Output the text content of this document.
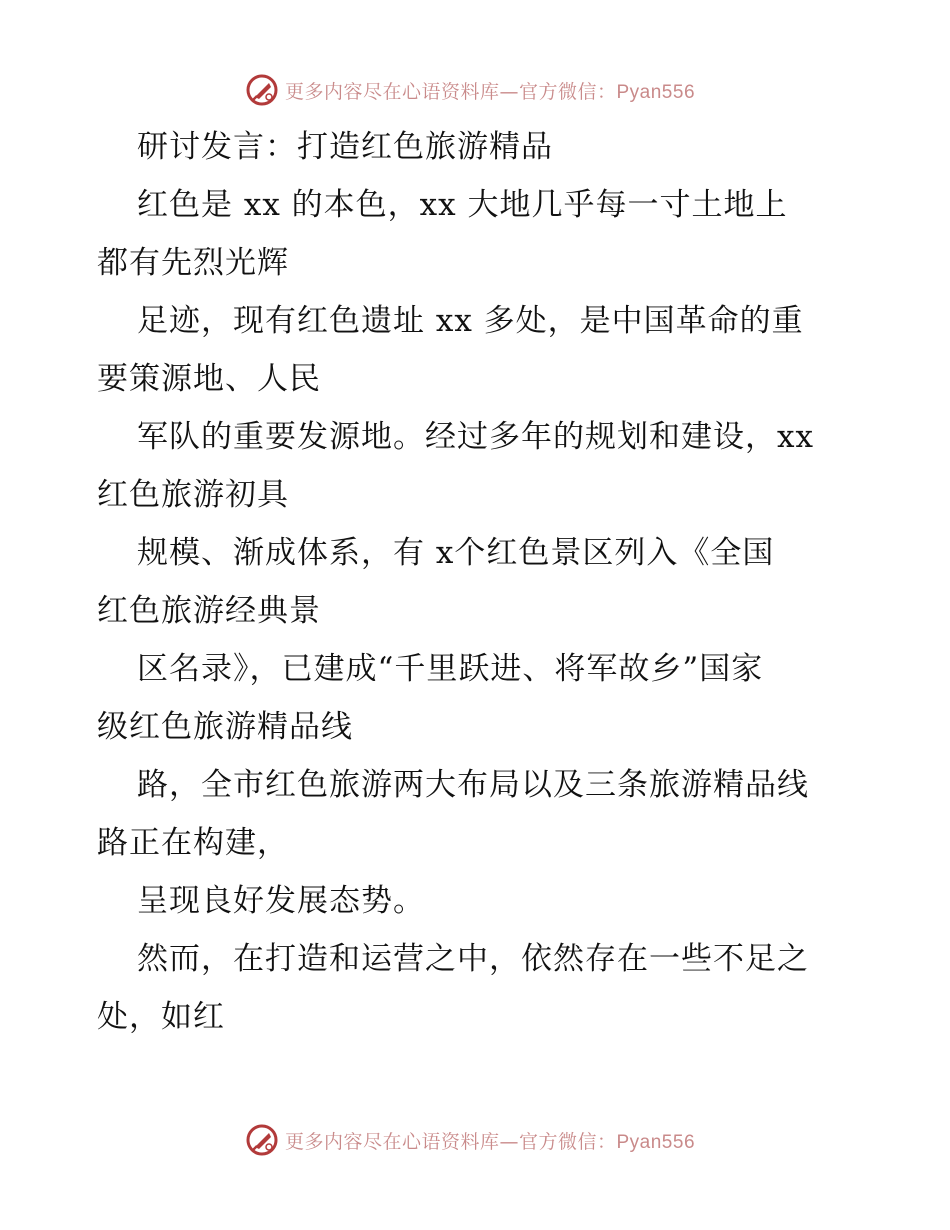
更多内容尽在心语资料库—官方微信：Pyan556
研讨发言：打造红色旅游精品
红色是 xx 的本色，xx 大地几乎每一寸土地上
都有先烈光辉
足迹，现有红色遗址 xx 多处，是中国革命的重
要策源地、人民
军队的重要发源地。经过多年的规划和建设，xx
红色旅游初具
规模、渐成体系，有 x个红色景区列入《全国
红色旅游经典景
区名录》，已建成“千里跃进、将军故乡”国家
级红色旅游精品线
路，全市红色旅游两大布局以及三条旅游精品线
路正在构建，
呈现良好发展态势。
然而，在打造和运营之中，依然存在一些不足之
处，如红
更多内容尽在心语资料库—官方微信：Pyan556
